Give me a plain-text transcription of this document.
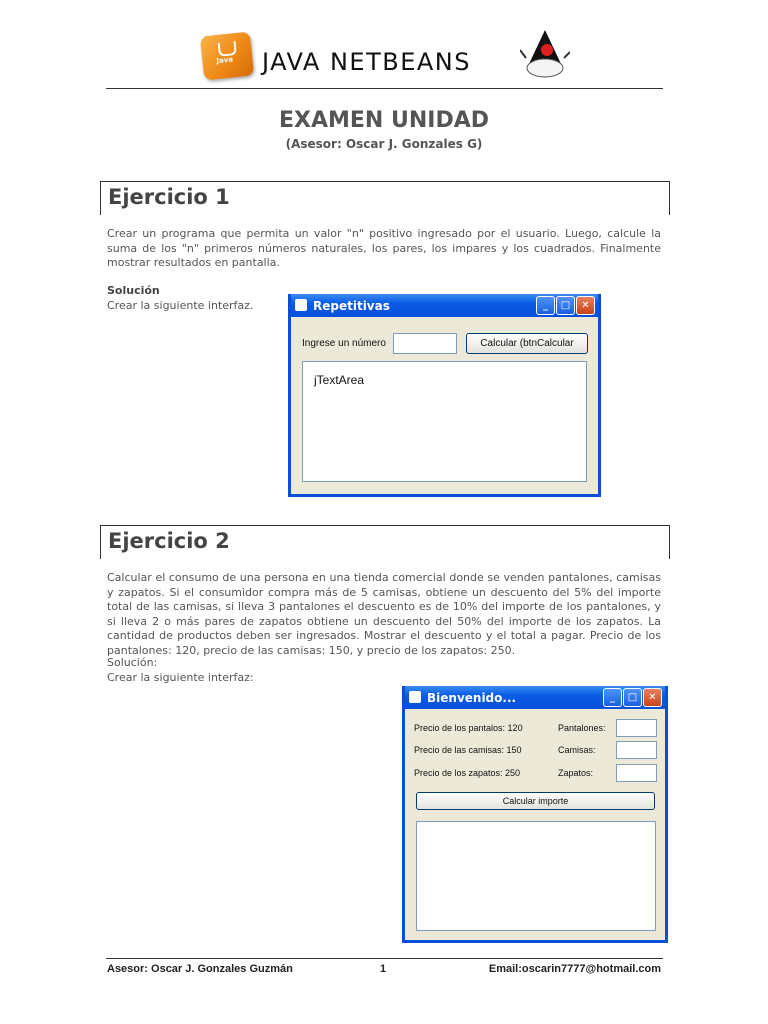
Java JAVA NETBEANS
EXAMEN UNIDAD
(Asesor: Oscar J. Gonzales G)
Ejercicio 1
Crear un programa que permita un valor "n" positivo ingresado por el usuario. Luego, calcule la suma de los "n" primeros números naturales, los pares, los impares y los cuadrados. Finalmente mostrar resultados en pantalla.
Solución
Crear la siguiente interfaz.	Repetitivas	_	□	✕
Ingrese un número	Calcular (btnCalcular
jTextArea
Ejercicio 2
Calcular el consumo de una persona en una tienda comercial donde se venden pantalones, camisas y zapatos. Si el consumidor compra más de 5 camisas, obtiene un descuento del 5% del importe total de las camisas, si lleva 3 pantalones el descuento es de 10% del importe de los pantalones, y si lleva 2 o más pares de zapatos obtiene un descuento del 50% del importe de los zapatos. La cantidad de productos deben ser ingresados. Mostrar el descuento y el total a pagar. Precio de los pantalones: 120, precio de las camisas: 150, y precio de los zapatos: 250.
Solución:
Crear la siguiente interfaz:
Bienvenido...	_	□	✕
Precio de los pantalos: 120	Pantalones:
Precio de las camisas: 150	Camisas:
Precio de los zapatos: 250	Zapatos:
Calcular importe
Asesor: Oscar J. Gonzales Guzmán	1	Email:oscarin7777@hotmail.com
